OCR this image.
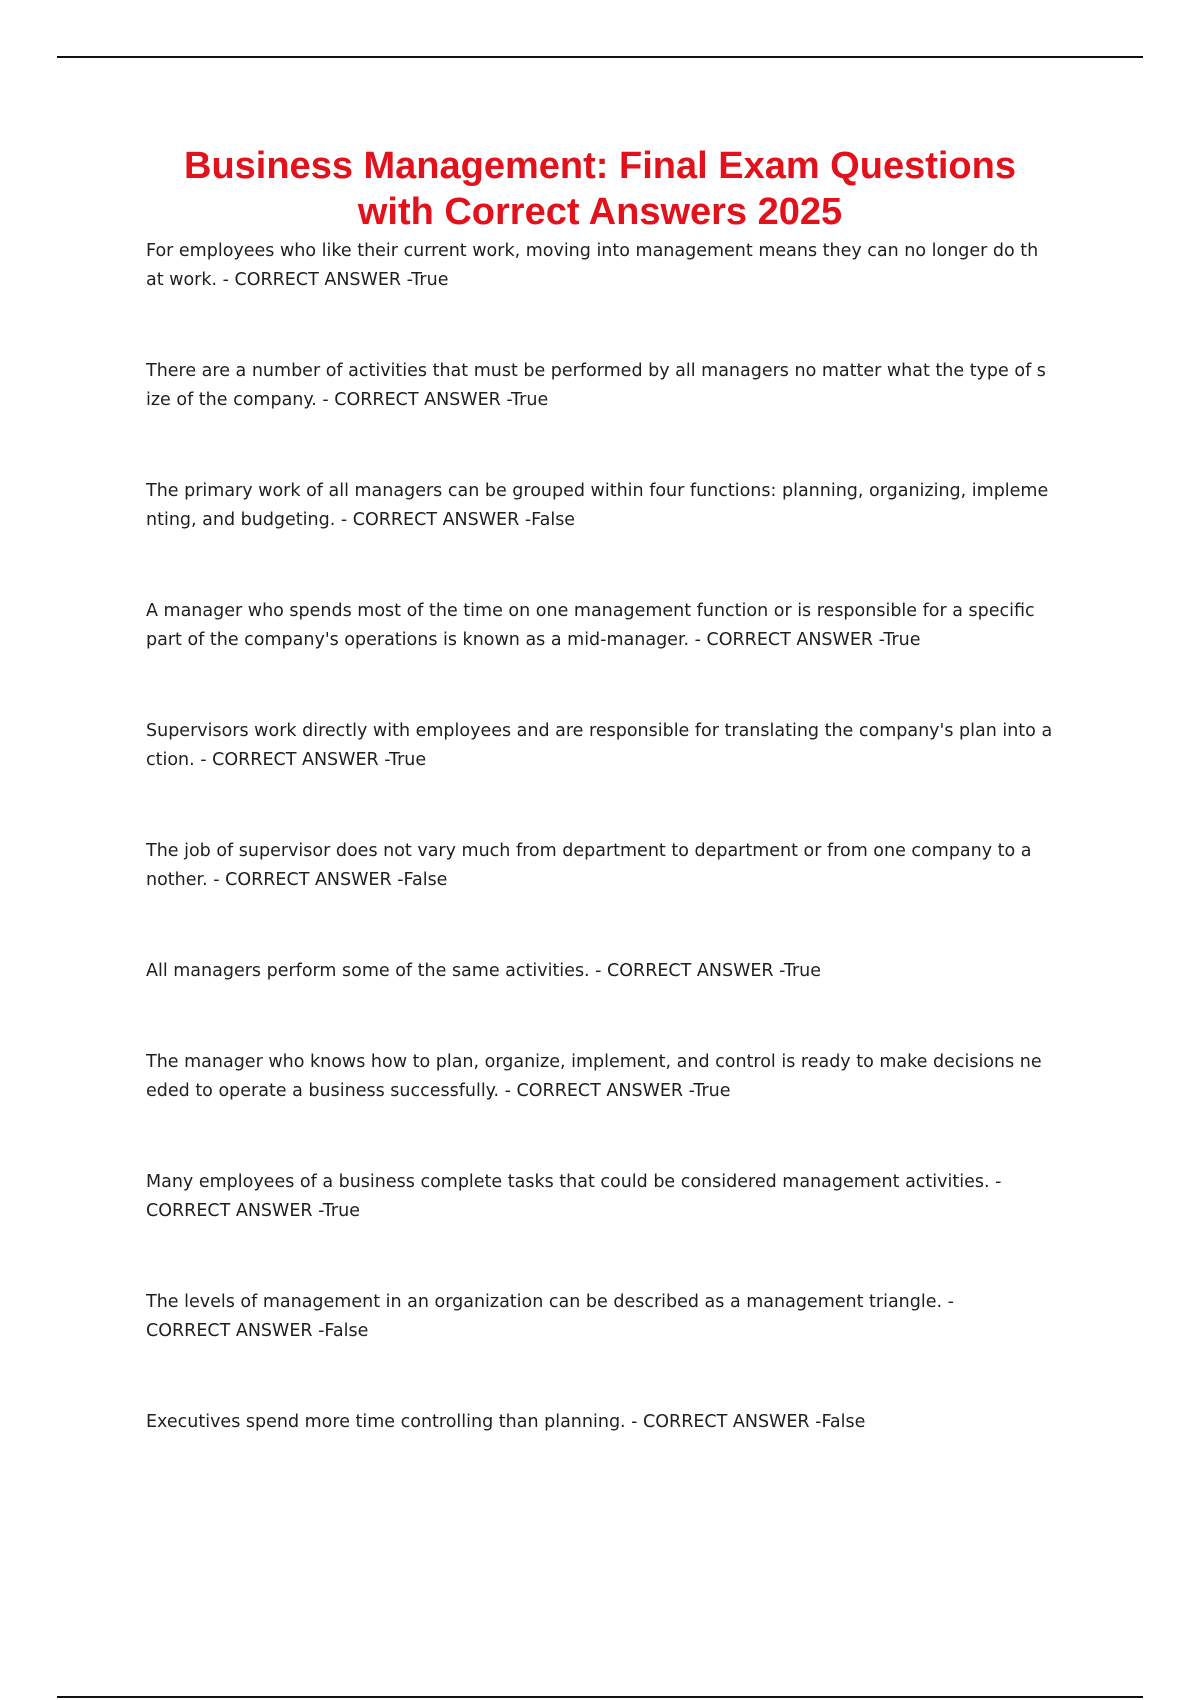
Business Management: Final Exam Questions
with Correct Answers 2025
For employees who like their current work, moving into management means they can no longer do th
at work. - CORRECT ANSWER -True
There are a number of activities that must be performed by all managers no matter what the type of s
ize of the company. - CORRECT ANSWER -True
The primary work of all managers can be grouped within four functions: planning, organizing, impleme
nting, and budgeting. - CORRECT ANSWER -False
A manager who spends most of the time on one management function or is responsible for a specific
part of the company's operations is known as a mid-manager. - CORRECT ANSWER -True
Supervisors work directly with employees and are responsible for translating the company's plan into a
ction. - CORRECT ANSWER -True
The job of supervisor does not vary much from department to department or from one company to a
nother. - CORRECT ANSWER -False
All managers perform some of the same activities. - CORRECT ANSWER -True
The manager who knows how to plan, organize, implement, and control is ready to make decisions ne
eded to operate a business successfully. - CORRECT ANSWER -True
Many employees of a business complete tasks that could be considered management activities. -
CORRECT ANSWER -True
The levels of management in an organization can be described as a management triangle. -
CORRECT ANSWER -False
Executives spend more time controlling than planning. - CORRECT ANSWER -False
